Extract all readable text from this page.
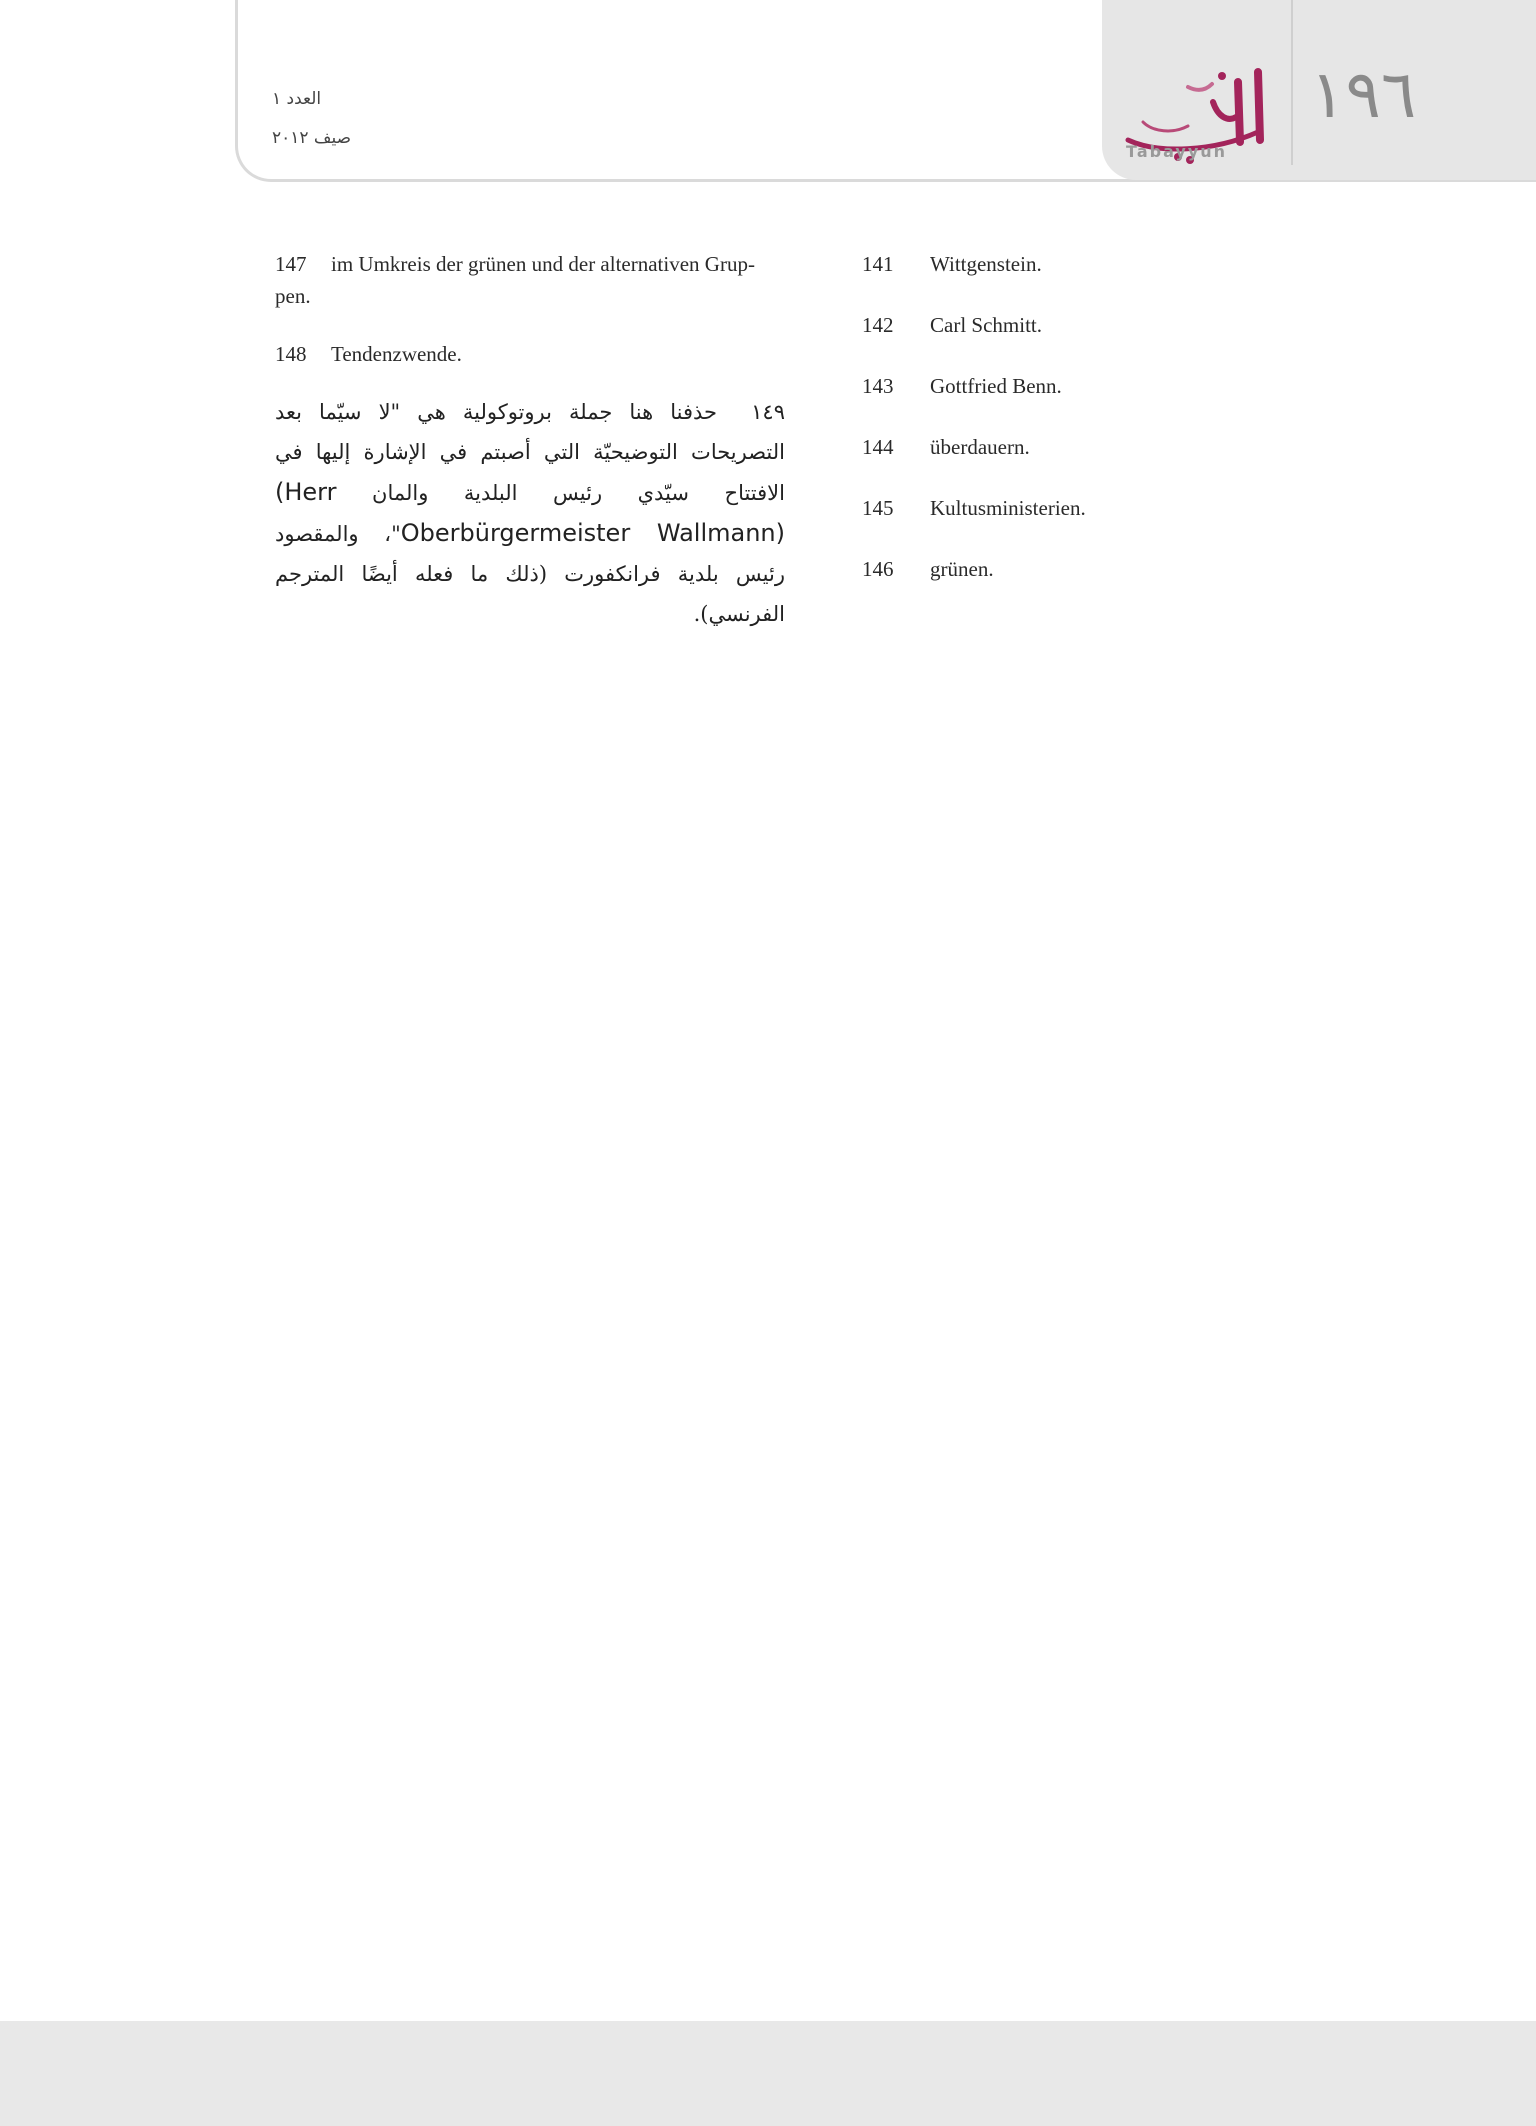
العدد ١
صيف ٢٠١٢
Tabayyun
١٩٦
141 Wittgenstein.
142 Carl Schmitt.
143 Gottfried Benn.
144 überdauern.
145 Kultusministerien.
146 grünen.
147 im Umkreis der grünen und der alternativen Grup-
pen.
148 Tendenzwende.
١٤٩  حذفنا هنا جملة بروتوكولية هي "لا سيّما بعد التصريحات التوضيحيّة التي أصبتم في الإشارة إليها في الافتتاح سيّدي رئيس البلدية والمان (Herr Oberbürgermeister Wallmann)"، والمقصود رئيس بلدية فرانكفورت (ذلك ما فعله أيضًا المترجم الفرنسي).
